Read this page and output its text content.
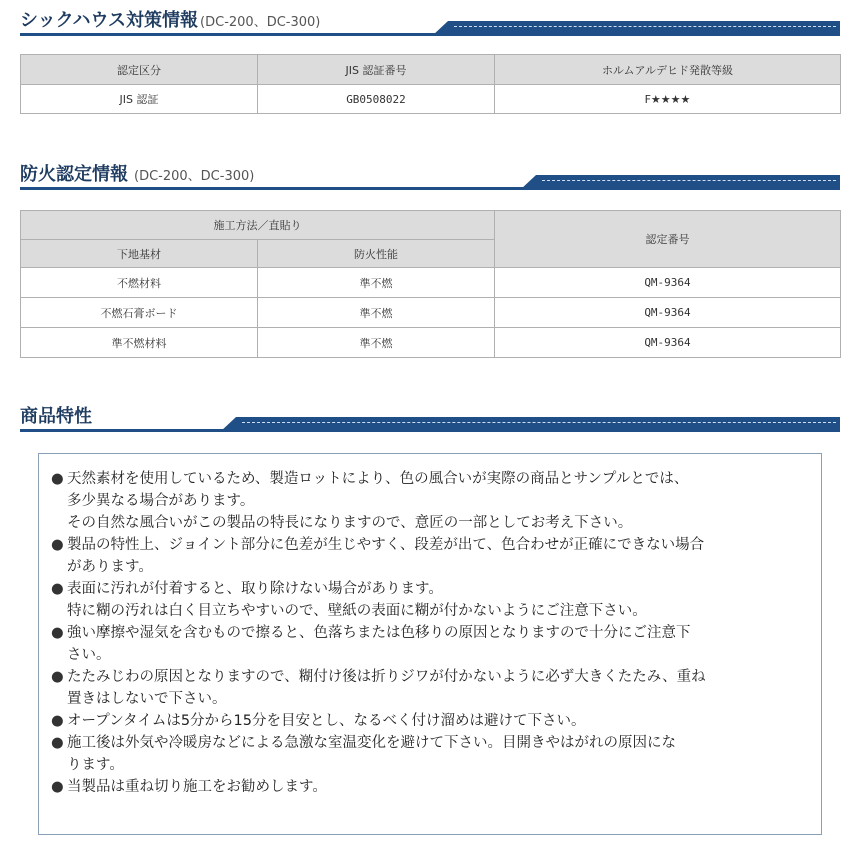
シックハウス対策情報 (DC-200、DC-300)
認定区分	JIS 認証番号	ホルムアルデヒド発散等級
JIS 認証	GB0508022	F★★★★
防火認定情報 (DC-200、DC-300)
施工方法／直貼り		認定番号
下地基材	防火性能	
不燃材料	準不燃	QM-9364
不燃石膏ボード	準不燃	QM-9364
準不燃材料	準不燃	QM-9364
商品特性
● 天然素材を使用しているため、製造ロットにより、色の風合いが実際の商品とサンプルとでは、
多少異なる場合があります。
その自然な風合いがこの製品の特長になりますので、意匠の一部としてお考え下さい。
● 製品の特性上、ジョイント部分に色差が生じやすく、段差が出て、色合わせが正確にできない場合
があります。
● 表面に汚れが付着すると、取り除けない場合があります。
特に糊の汚れは白く目立ちやすいので、壁紙の表面に糊が付かないようにご注意下さい。
● 強い摩擦や湿気を含むもので擦ると、色落ちまたは色移りの原因となりますので十分にご注意下
さい。
● たたみじわの原因となりますので、糊付け後は折りジワが付かないように必ず大きくたたみ、重ね
置きはしないで下さい。
● オープンタイムは5分から15分を目安とし、なるべく付け溜めは避けて下さい。
● 施工後は外気や冷暖房などによる急激な室温変化を避けて下さい。目開きやはがれの原因にな
ります。
● 当製品は重ね切り施工をお勧めします。
